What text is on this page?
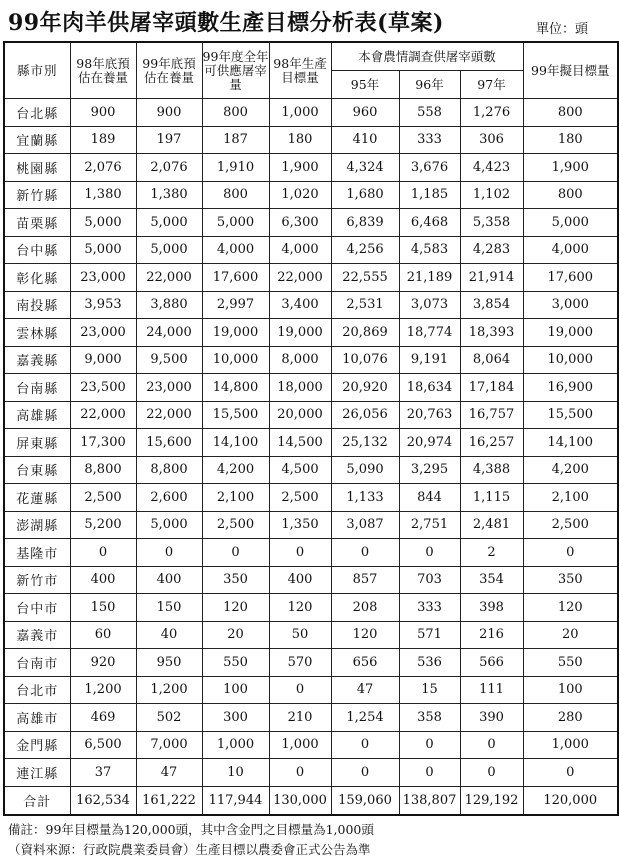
99年肉羊供屠宰頭數生產目標分析表(草案)	單位：頭
縣市別	98年底預估在養量	99年底預估在養量	99年度全年可供應屠宰量	98年生產目標量	本會農情調查供屠宰頭數			99年擬目標量
					95年	96年	97年	
台北縣	900	900	800	1,000	960	558	1,276	800
宜蘭縣	189	197	187	180	410	333	306	180
桃園縣	2,076	2,076	1,910	1,900	4,324	3,676	4,423	1,900
新竹縣	1,380	1,380	800	1,020	1,680	1,185	1,102	800
苗栗縣	5,000	5,000	5,000	6,300	6,839	6,468	5,358	5,000
台中縣	5,000	5,000	4,000	4,000	4,256	4,583	4,283	4,000
彰化縣	23,000	22,000	17,600	22,000	22,555	21,189	21,914	17,600
南投縣	3,953	3,880	2,997	3,400	2,531	3,073	3,854	3,000
雲林縣	23,000	24,000	19,000	19,000	20,869	18,774	18,393	19,000
嘉義縣	9,000	9,500	10,000	8,000	10,076	9,191	8,064	10,000
台南縣	23,500	23,000	14,800	18,000	20,920	18,634	17,184	16,900
高雄縣	22,000	22,000	15,500	20,000	26,056	20,763	16,757	15,500
屏東縣	17,300	15,600	14,100	14,500	25,132	20,974	16,257	14,100
台東縣	8,800	8,800	4,200	4,500	5,090	3,295	4,388	4,200
花蓮縣	2,500	2,600	2,100	2,500	1,133	844	1,115	2,100
澎湖縣	5,200	5,000	2,500	1,350	3,087	2,751	2,481	2,500
基隆市	0	0	0	0	0	0	2	0
新竹市	400	400	350	400	857	703	354	350
台中市	150	150	120	120	208	333	398	120
嘉義市	60	40	20	50	120	571	216	20
台南市	920	950	550	570	656	536	566	550
台北市	1,200	1,200	100	0	47	15	111	100
高雄市	469	502	300	210	1,254	358	390	280
金門縣	6,500	7,000	1,000	1,000	0	0	0	1,000
連江縣	37	47	10	0	0	0	0	0
合計	162,534	161,222	117,944	130,000	159,060	138,807	129,192	120,000
備註：99年目標量為120,000頭，其中含金門之目標量為1,000頭
（資料來源：行政院農業委員會）生產目標以農委會正式公告為準
